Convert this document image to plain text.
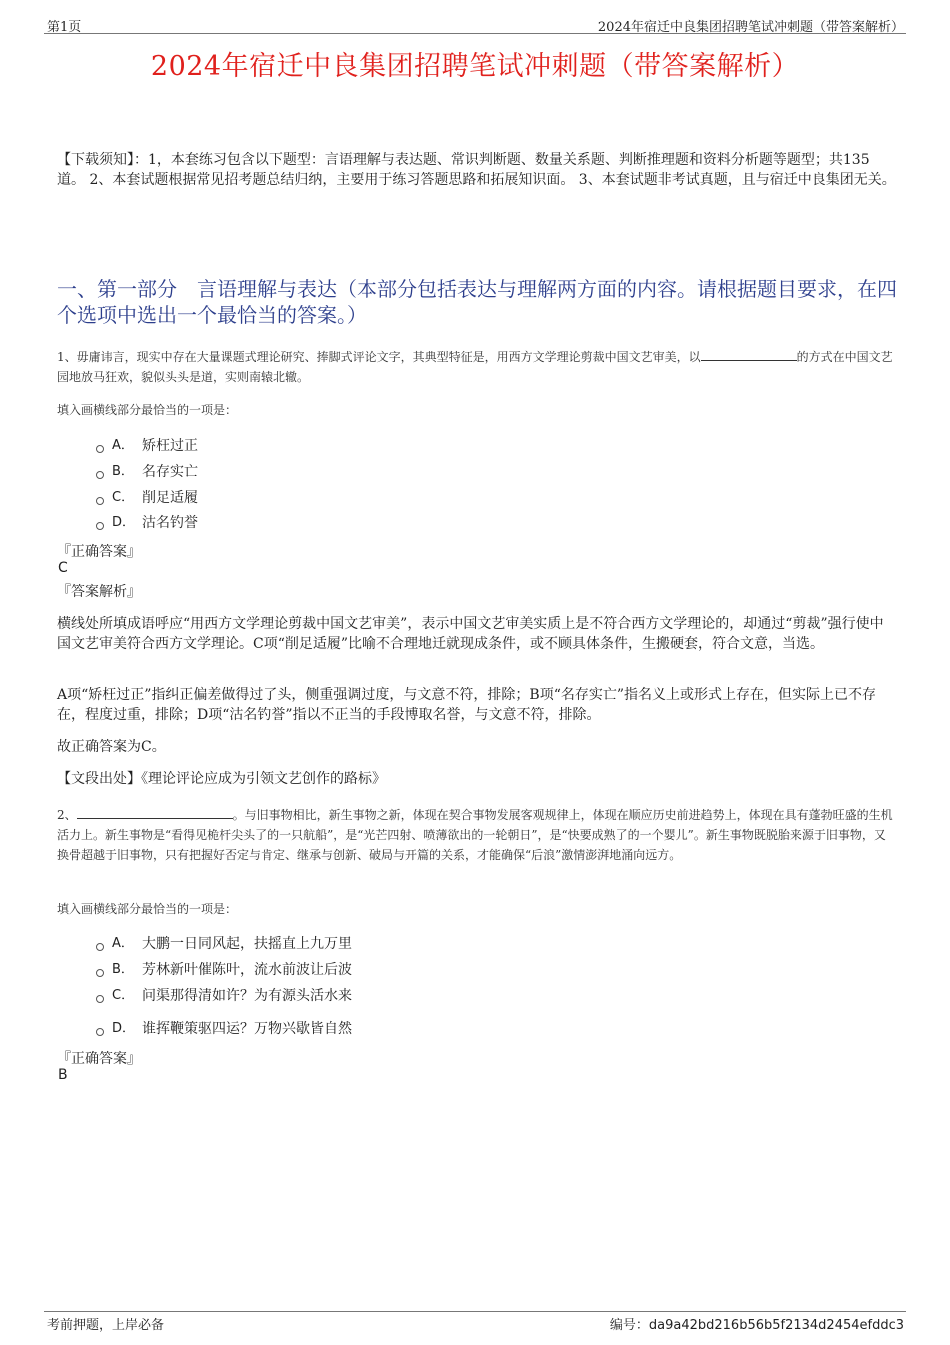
第1页	2024年宿迁中良集团招聘笔试冲刺题（带答案解析）
2024年宿迁中良集团招聘笔试冲刺题（带答案解析）
【下载须知】：1，本套练习包含以下题型：言语理解与表达题、常识判断题、数量关系题、判断推理题和资料分析题等题型；共135道。 2、本套试题根据常见招考题总结归纳，主要用于练习答题思路和拓展知识面。 3、本套试题非考试真题，且与宿迁中良集团无关。
一、第一部分　言语理解与表达（本部分包括表达与理解两方面的内容。请根据题目要求，在四个选项中选出一个最恰当的答案。）
1、毋庸讳言，现实中存在大量课题式理论研究、捧脚式评论文字，其典型特征是，用西方文学理论剪裁中国文艺审美，以	的方式在中国文艺园地放马狂欢，貌似头头是道，实则南辕北辙。
填入画横线部分最恰当的一项是：
A． 矫枉过正
B． 名存实亡
C． 削足适履
D． 沽名钓誉
『正确答案』
C
『答案解析』
横线处所填成语呼应“用西方文学理论剪裁中国文艺审美”，表示中国文艺审美实质上是不符合西方文学理论的，却通过“剪裁”强行使中国文艺审美符合西方文学理论。C项“削足适履”比喻不合理地迁就现成条件，或不顾具体条件，生搬硬套，符合文意，当选。
A项“矫枉过正”指纠正偏差做得过了头，侧重强调过度，与文意不符，排除；B项“名存实亡”指名义上或形式上存在，但实际上已不存在，程度过重，排除；D项“沽名钓誉”指以不正当的手段博取名誉，与文意不符，排除。
故正确答案为C。
【文段出处】《理论评论应成为引领文艺创作的路标》
2、	。与旧事物相比，新生事物之新，体现在契合事物发展客观规律上，体现在顺应历史前进趋势上，体现在具有蓬勃旺盛的生机活力上。新生事物是“看得见桅杆尖头了的一只航船”，是“光芒四射、喷薄欲出的一轮朝日”，是“快要成熟了的一个婴儿”。新生事物既脱胎来源于旧事物，又换骨超越于旧事物，只有把握好否定与肯定、继承与创新、破局与开篇的关系，才能确保“后浪”激情澎湃地涌向远方。
填入画横线部分最恰当的一项是：
A． 大鹏一日同风起，扶摇直上九万里
B． 芳林新叶催陈叶，流水前波让后波
C． 问渠那得清如许？为有源头活水来
D． 谁挥鞭策驱四运？万物兴歇皆自然
『正确答案』
B
考前押题，上岸必备	编号：da9a42bd216b56b5f2134d2454efddc3
